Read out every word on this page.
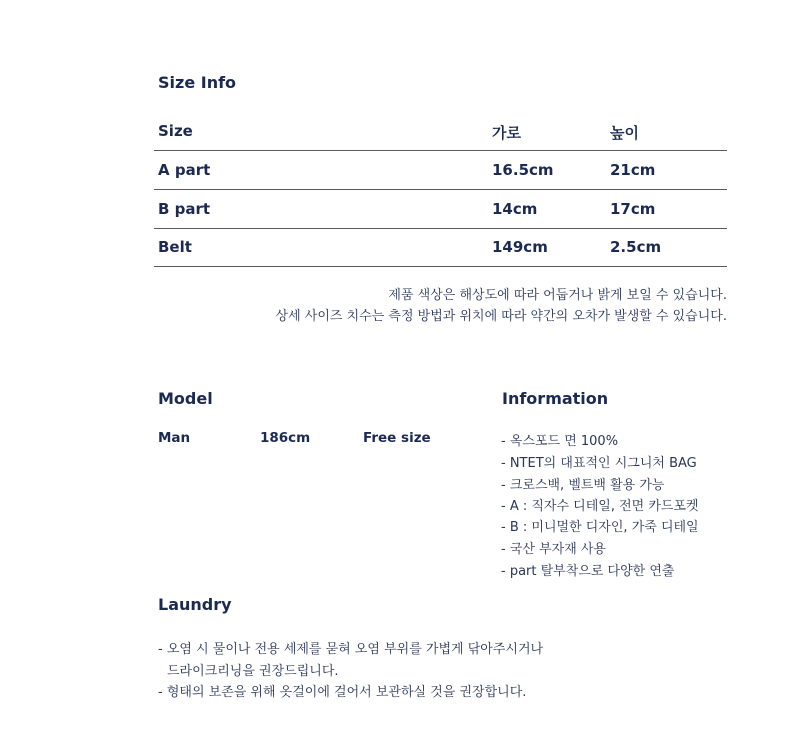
Size Info
Size	가로	높이
A part	16.5cm	21cm
B part	14cm	17cm
Belt	149cm	2.5cm
제품 색상은 해상도에 따라 어둡거나 밝게 보일 수 있습니다.
상세 사이즈 치수는 측정 방법과 위치에 따라 약간의 오차가 발생할 수 있습니다.
Model
Man	186cm	Free size
Information
- 옥스포드 면 100%
- NTET의 대표적인 시그니처 BAG
- 크로스백, 벨트백 활용 가능
- A : 직자수 디테일, 전면 카드포켓
- B : 미니멀한 디자인, 가죽 디테일
- 국산 부자재 사용
- part 탈부착으로 다양한 연출
Laundry
- 오염 시 물이나 전용 세제를 묻혀 오염 부위를 가볍게 닦아주시거나
드라이크리닝을 권장드립니다.
- 형태의 보존을 위해 옷걸이에 걸어서 보관하실 것을 권장합니다.
